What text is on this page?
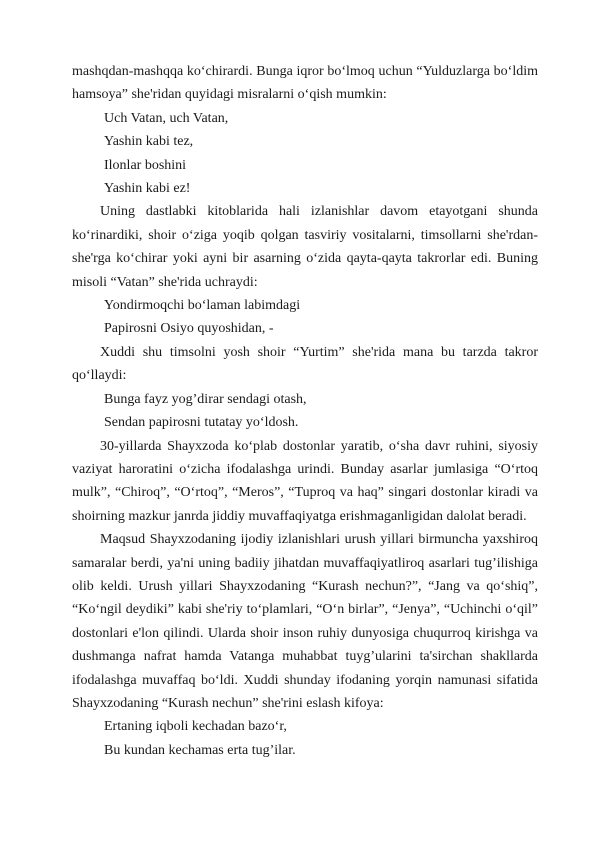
mashqdan-mashqqa ko‘chirardi. Bunga iqror bo‘lmoq uchun “Yulduzlarga bo‘ldim hamsoya” she'ridan quyidagi misralarni o‘qish mumkin:

Uch Vatan, uch Vatan,

Yashin kabi tez,

Ilonlar boshini

Yashin kabi ez!

Uning dastlabki kitoblarida hali izlanishlar davom etayotgani shunda ko‘rinardiki, shoir o‘ziga yoqib qolgan tasviriy vositalarni, timsollarni she'rdan-she'rga ko‘chirar yoki ayni bir asarning o‘zida qayta-qayta takrorlar edi. Buning misoli “Vatan” she'rida uchraydi:

Yondirmoqchi bo‘laman labimdagi

Papirosni Osiyo quyoshidan, -

Xuddi shu timsolni yosh shoir “Yurtim” she'rida mana bu tarzda takror qo‘llaydi:

Bunga fayz yog’dirar sendagi otash,

Sendan papirosni tutatay yo‘ldosh.

30-yillarda Shayxzoda ko‘plab dostonlar yaratib, o‘sha davr ruhini, siyosiy vaziyat haroratini o‘zicha ifodalashga urindi. Bunday asarlar jumlasiga “O‘rtoq mulk”, “Chiroq”, “O‘rtoq”, “Meros”, “Tuproq va haq” singari dostonlar kiradi va shoirning mazkur janrda jiddiy muvaffaqiyatga erishmaganligidan dalolat beradi.

Maqsud Shayxzodaning ijodiy izlanishlari urush yillari birmuncha yaxshiroq samaralar berdi, ya'ni uning badiiy jihatdan muvaffaqiyatliroq asarlari tug’ilishiga olib keldi. Urush yillari Shayxzodaning “Kurash nechun?”, “Jang va qo‘shiq”, “Ko‘ngil deydiki” kabi she'riy to‘plamlari, “O‘n birlar”, “Jenya”, “Uchinchi o‘qil” dostonlari e'lon qilindi. Ularda shoir inson ruhiy dunyosiga chuqurroq kirishga va dushmanga nafrat hamda Vatanga muhabbat tuyg’ularini ta'sirchan shakllarda ifodalashga muvaffaq bo‘ldi. Xuddi shunday ifodaning yorqin namunasi sifatida Shayxzodaning “Kurash nechun” she'rini eslash kifoya:

Ertaning iqboli kechadan bazo‘r,

Bu kundan kechamas erta tug’ilar.
